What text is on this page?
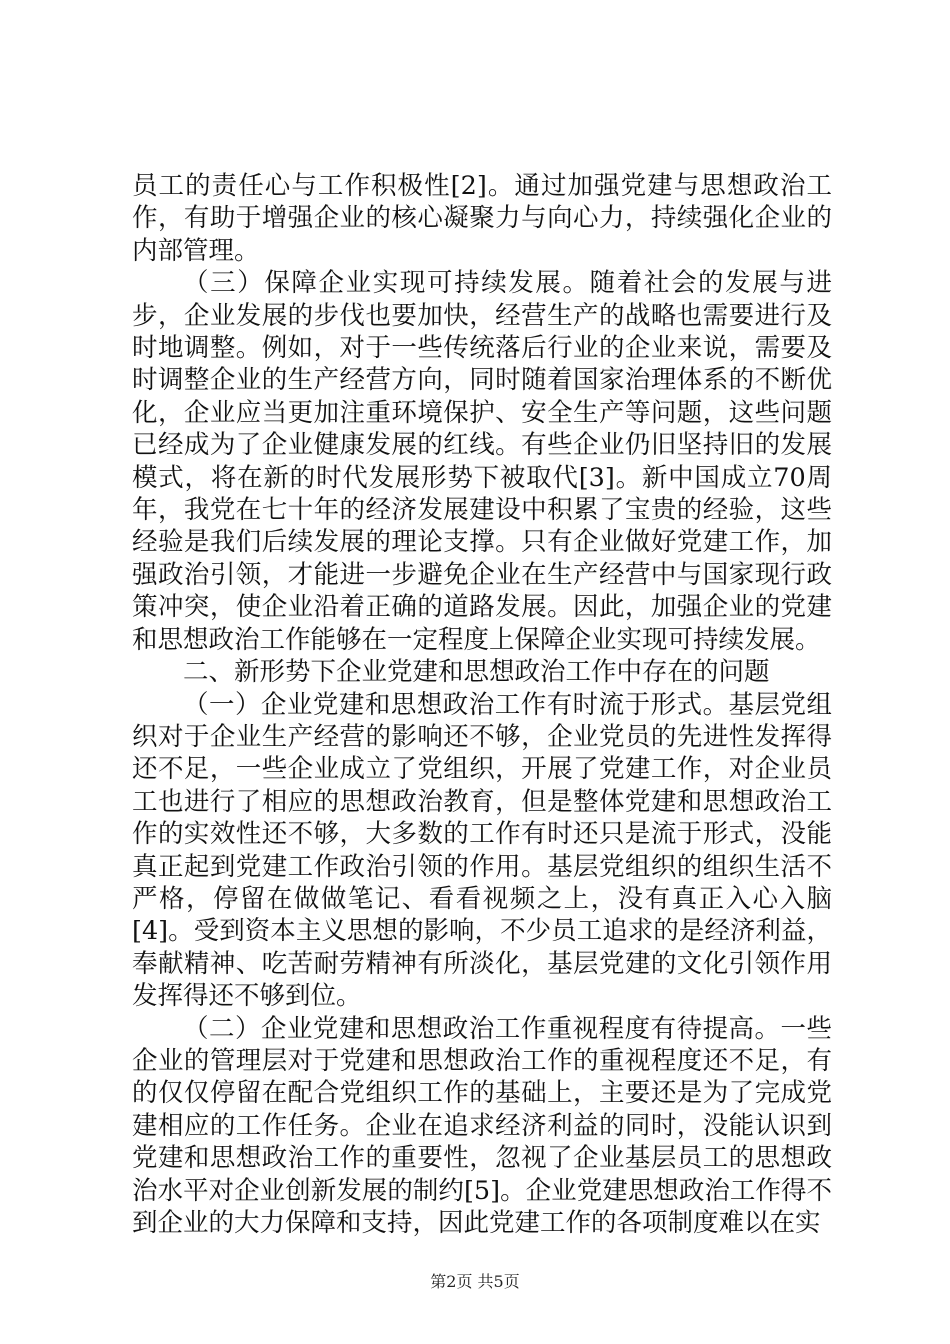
员工的责任心与工作积极性[2]。通过加强党建与思想政治工作，有助于增强企业的核心凝聚力与向心力，持续强化企业的内部管理。

（三）保障企业实现可持续发展。随着社会的发展与进步，企业发展的步伐也要加快，经营生产的战略也需要进行及时地调整。例如，对于一些传统落后行业的企业来说，需要及时调整企业的生产经营方向，同时随着国家治理体系的不断优化，企业应当更加注重环境保护、安全生产等问题，这些问题已经成为了企业健康发展的红线。有些企业仍旧坚持旧的发展模式，将在新的时代发展形势下被取代[3]。新中国成立70周年，我党在七十年的经济发展建设中积累了宝贵的经验，这些经验是我们后续发展的理论支撑。只有企业做好党建工作，加强政治引领，才能进一步避免企业在生产经营中与国家现行政策冲突，使企业沿着正确的道路发展。因此，加强企业的党建和思想政治工作能够在一定程度上保障企业实现可持续发展。

二、新形势下企业党建和思想政治工作中存在的问题

（一）企业党建和思想政治工作有时流于形式。基层党组织对于企业生产经营的影响还不够，企业党员的先进性发挥得还不足，一些企业成立了党组织，开展了党建工作，对企业员工也进行了相应的思想政治教育，但是整体党建和思想政治工作的实效性还不够，大多数的工作有时还只是流于形式，没能真正起到党建工作政治引领的作用。基层党组织的组织生活不严格，停留在做做笔记、看看视频之上，没有真正入心入脑[4]。受到资本主义思想的影响，不少员工追求的是经济利益，奉献精神、吃苦耐劳精神有所淡化，基层党建的文化引领作用发挥得还不够到位。

（二）企业党建和思想政治工作重视程度有待提高。一些企业的管理层对于党建和思想政治工作的重视程度还不足，有的仅仅停留在配合党组织工作的基础上，主要还是为了完成党建相应的工作任务。企业在追求经济利益的同时，没能认识到党建和思想政治工作的重要性，忽视了企业基层员工的思想政治水平对企业创新发展的制约[5]。企业党建思想政治工作得不到企业的大力保障和支持，因此党建工作的各项制度难以在实

第2页 共5页
